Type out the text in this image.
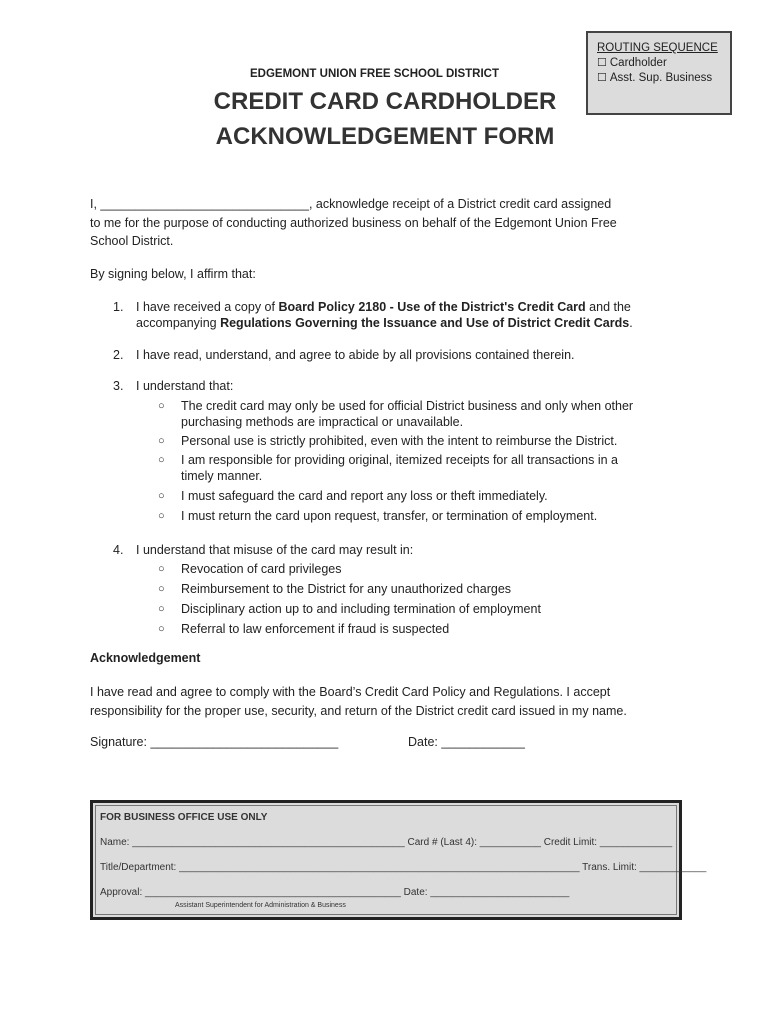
ROUTING SEQUENCE
☐ Cardholder
☐ Asst. Sup. Business
EDGEMONT UNION FREE SCHOOL DISTRICT
CREDIT CARD CARDHOLDER
ACKNOWLEDGEMENT FORM
I, ______________________________, acknowledge receipt of a District credit card assigned
to me for the purpose of conducting authorized business on behalf of the Edgemont Union Free
School District.
By signing below, I affirm that:
1. I have received a copy of Board Policy 2180 - Use of the District's Credit Card and the
accompanying Regulations Governing the Issuance and Use of District Credit Cards.
2. I have read, understand, and agree to abide by all provisions contained therein.
3. I understand that:
○ The credit card may only be used for official District business and only when other
purchasing methods are impractical or unavailable.
○ Personal use is strictly prohibited, even with the intent to reimburse the District.
○ I am responsible for providing original, itemized receipts for all transactions in a
timely manner.
○ I must safeguard the card and report any loss or theft immediately.
○ I must return the card upon request, transfer, or termination of employment.
4. I understand that misuse of the card may result in:
○ Revocation of card privileges
○ Reimbursement to the District for any unauthorized charges
○ Disciplinary action up to and including termination of employment
○ Referral to law enforcement if fraud is suspected
Acknowledgement
I have read and agree to comply with the Board’s Credit Card Policy and Regulations. I accept
responsibility for the proper use, security, and return of the District credit card issued in my name.
Signature: ___________________________	Date: ____________
FOR BUSINESS OFFICE USE ONLY
Name: _________________________________________________ Card # (Last 4): ___________ Credit Limit: _____________
Title/Department: ________________________________________________________________________ Trans. Limit: ____________
Approval: ______________________________________________ Date: _________________________
Assistant Superintendent for Administration & Business
